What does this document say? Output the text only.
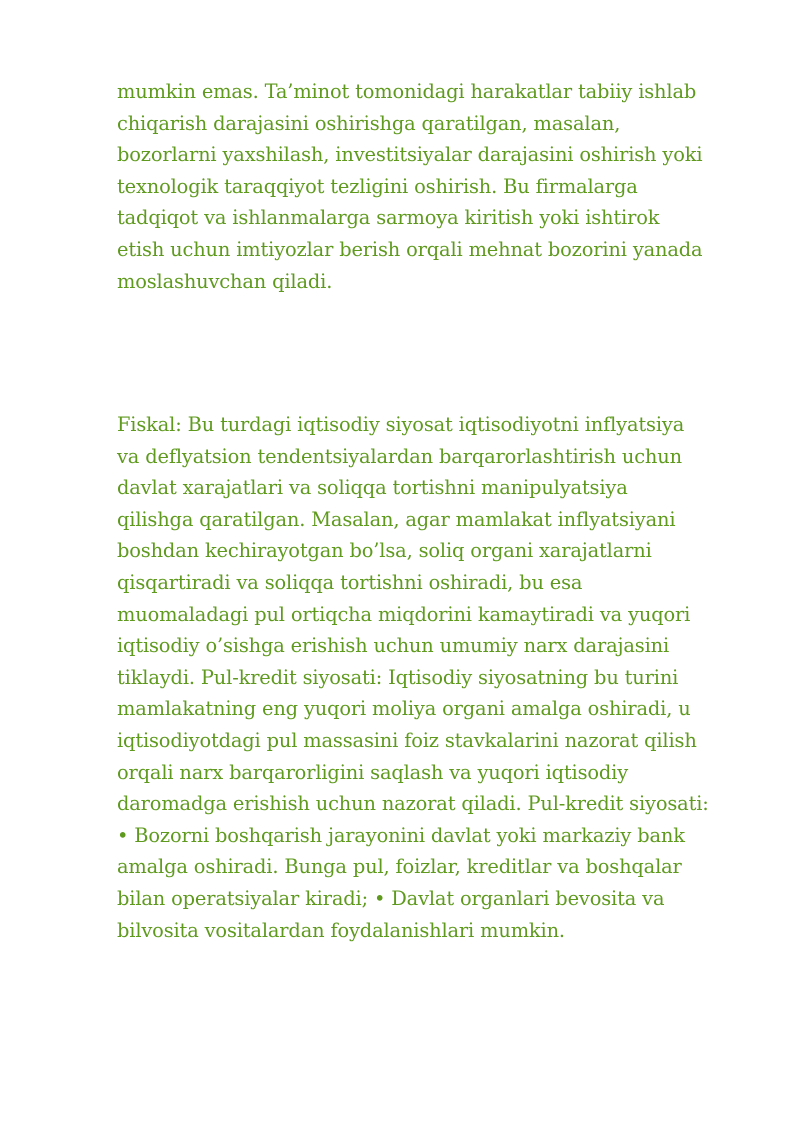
mumkin emas. Ta’minot tomonidagi harakatlar tabiiy ishlab
chiqarish darajasini oshirishga qaratilgan, masalan,
bozorlarni yaxshilash, investitsiyalar darajasini oshirish yoki
texnologik taraqqiyot tezligini oshirish. Bu firmalarga
tadqiqot va ishlanmalarga sarmoya kiritish yoki ishtirok
etish uchun imtiyozlar berish orqali mehnat bozorini yanada
moslashuvchan qiladi.

Fiskal: Bu turdagi iqtisodiy siyosat iqtisodiyotni inflyatsiya
va deflyatsion tendentsiyalardan barqarorlashtirish uchun
davlat xarajatlari va soliqqa tortishni manipulyatsiya
qilishga qaratilgan. Masalan, agar mamlakat inflyatsiyani
boshdan kechirayotgan bo’lsa, soliq organi xarajatlarni
qisqartiradi va soliqqa tortishni oshiradi, bu esa
muomaladagi pul ortiqcha miqdorini kamaytiradi va yuqori
iqtisodiy o’sishga erishish uchun umumiy narx darajasini
tiklaydi. Pul-kredit siyosati: Iqtisodiy siyosatning bu turini
mamlakatning eng yuqori moliya organi amalga oshiradi, u
iqtisodiyotdagi pul massasini foiz stavkalarini nazorat qilish
orqali narx barqarorligini saqlash va yuqori iqtisodiy
daromadga erishish uchun nazorat qiladi. Pul-kredit siyosati:
• Bozorni boshqarish jarayonini davlat yoki markaziy bank
amalga oshiradi. Bunga pul, foizlar, kreditlar va boshqalar
bilan operatsiyalar kiradi; • Davlat organlari bevosita va
bilvosita vositalardan foydalanishlari mumkin.
